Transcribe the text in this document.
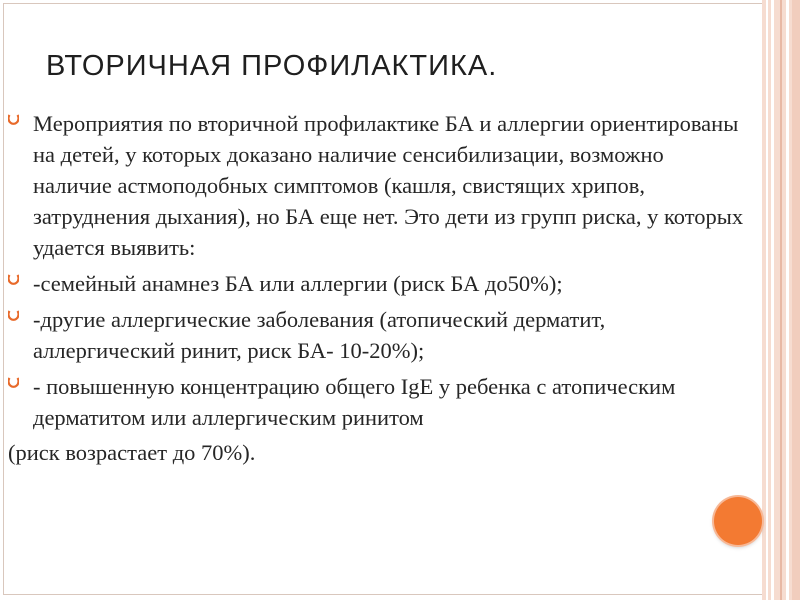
ВТОРИЧНАЯ ПРОФИЛАКТИКА.
Мероприятия по вторичной профилактике БА и аллергии ориентированы на детей, у которых доказано наличие сенсибилизации, возможно наличие астмоподобных симптомов (кашля, свистящих хрипов, затруднения дыхания), но БА еще нет. Это дети из групп риска, у которых удается выявить:
-семейный анамнез БА или аллергии (риск БА до50%);
-другие аллергические заболевания (атопический дерматит, аллергический ринит, риск БА- 10-20%);
- повышенную концентрацию общего IgE у ребенка с атопическим дерматитом или аллергическим ринитом
(риск возрастает до 70%).
